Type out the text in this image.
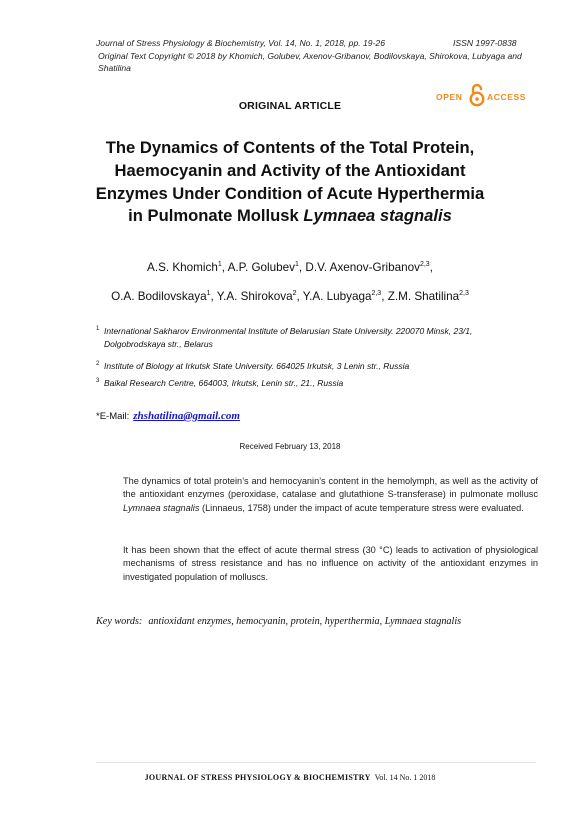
Journal of Stress Physiology & Biochemistry, Vol. 14, No. 1, 2018, pp. 19-26	ISSN 1997-0838
Original Text Copyright © 2018 by Khomich, Golubev, Axenov-Gribanov, Bodilovskaya, Shirokova, Lubyaga and Shatilina
ORIGINAL ARTICLE
OPEN	ACCESS
The Dynamics of Contents of the Total Protein,
Haemocyanin and Activity of the Antioxidant
Enzymes Under Condition of Acute Hyperthermia
in Pulmonate Mollusk Lymnaea stagnalis
A.S. Khomich$^1$, A.P. Golubev$^1$, D.V. Axenov-Gribanov$^{2,3}$,
O.A. Bodilovskaya$^1$, Y.A. Shirokova$^2$, Y.A. Lubyaga$^{2,3}$, Z.M. Shatilina$^{2,3}$
1 International Sakharov Environmental Institute of Belarusian State University. 220070 Minsk, 23/1, Dolgobrodskaya str., Belarus
2 Institute of Biology at Irkutsk State University. 664025 Irkutsk, 3 Lenin str., Russia
3 Baikal Research Centre, 664003, Irkutsk, Lenin str., 21., Russia
*E-Mail: zhshatilina@gmail.com
Received February 13, 2018
The dynamics of total protein’s and hemocyanin’s content in the hemolymph, as well as the activity of the antioxidant enzymes (peroxidase, catalase and glutathione S-transferase) in pulmonate mollusc Lymnaea stagnalis (Linnaeus, 1758) under the impact of acute temperature stress were evaluated.
It has been shown that the effect of acute thermal stress (30 °C) leads to activation of physiological mechanisms of stress resistance and has no influence on activity of the antioxidant enzymes in investigated population of molluscs.
Key words: antioxidant enzymes, hemocyanin, protein, hyperthermia, Lymnaea stagnalis
JOURNAL OF STRESS PHYSIOLOGY & BIOCHEMISTRY Vol. 14 No. 1 2018
